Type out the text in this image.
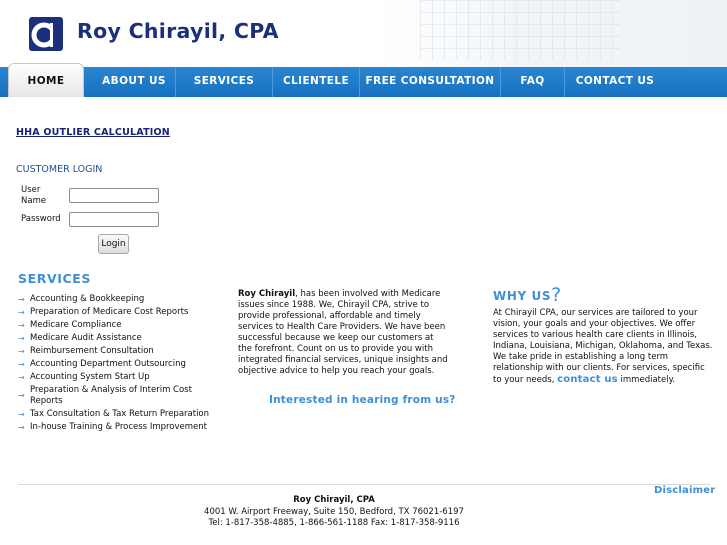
Roy Chirayil, CPA
ABOUT US	SERVICES	CLIENTELE	FREE CONSULTATION	FAQ	CONTACT US
HOME
HHA OUTLIER CALCULATION
CUSTOMER LOGIN
User
Name
Password
Login
SERVICES
→ Accounting & Bookkeeping
→ Preparation of Medicare Cost Reports
→ Medicare Compliance
→ Medicare Audit Assistance
→ Reimbursement Consultation
→ Accounting Department Outsourcing
→ Accounting System Start Up
→
Preparation & Analysis of Interim Cost Reports
→ Tax Consultation & Tax Return Preparation
→ In-house Training & Process Improvement
Roy Chirayil, has been involved with Medicare issues since 1988. We, Chirayil CPA, strive to provide professional, affordable and timely services to Health Care Providers. We have been successful because we keep our customers at the forefront. Count on us to provide you with integrated financial services, unique insights and objective advice to help you reach your goals.
Interested in hearing from us?
WHY US?
At Chirayil CPA, our services are tailored to your vision, your goals and your objectives. We offer services to various health care clients in Illinois, Indiana, Louisiana, Michigan, Oklahoma, and Texas. We take pride in establishing a long term relationship with our clients. For services, specific to your needs, contact us immediately.
Disclaimer
Roy Chirayil, CPA
4001 W. Airport Freeway, Suite 150, Bedford, TX 76021-6197
Tel: 1-817-358-4885, 1-866-561-1188 Fax: 1-817-358-9116
